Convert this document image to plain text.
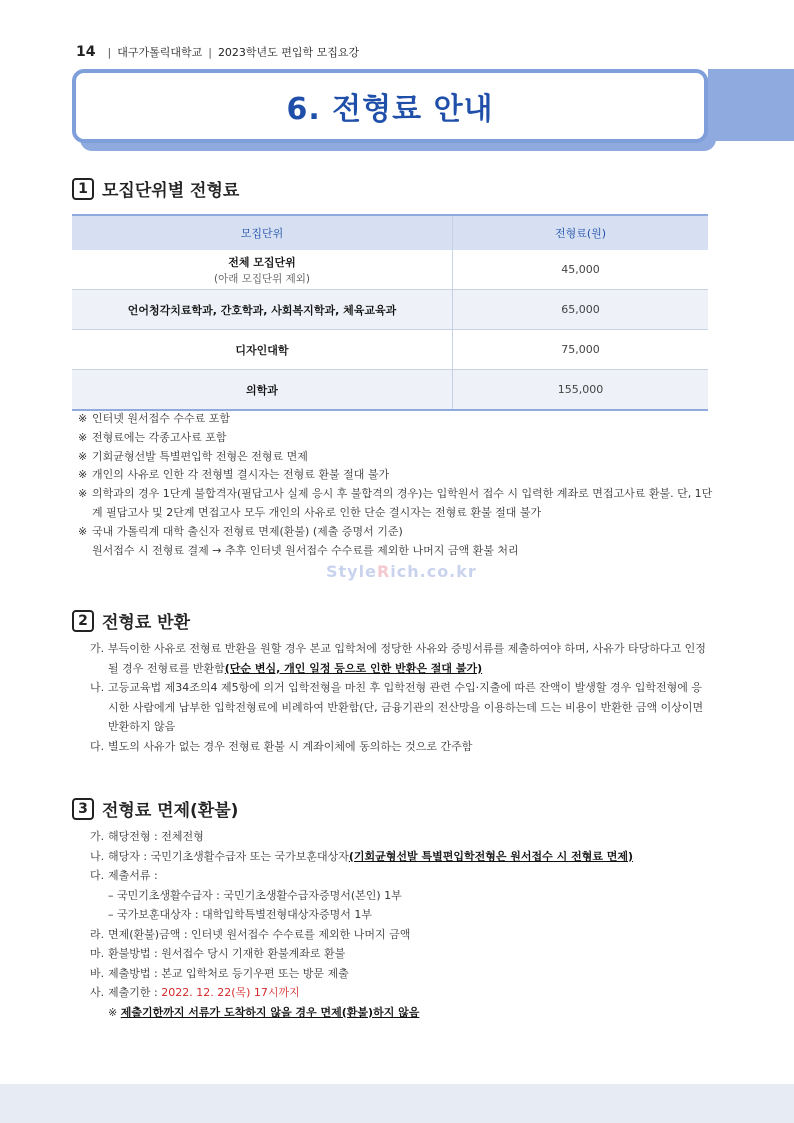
14 | 대구가톨릭대학교 | 2023학년도 편입학 모집요강
6. 전형료 안내
1 모집단위별 전형료
모집단위	전형료(원)
전체 모집단위
(아래 모집단위 제외)	45,000
언어청각치료학과, 간호학과, 사회복지학과, 체육교육과	65,000
디자인대학	75,000
의학과	155,000
※ 인터넷 원서접수 수수료 포함
※ 전형료에는 각종고사료 포함
※ 기회균형선발 특별편입학 전형은 전형료 면제
※ 개인의 사유로 인한 각 전형별 결시자는 전형료 환불 절대 불가
※ 의학과의 경우 1단계 불합격자(필답고사 실제 응시 후 불합격의 경우)는 입학원서 접수 시 입력한 계좌로 면접고사료 환불. 단, 1단계 필답고사 및 2단계 면접고사 모두 개인의 사유로 인한 단순 결시자는 전형료 환불 절대 불가
※ 국내 가톨릭계 대학 출신자 전형료 면제(환불) (제출 증명서 기준)
원서접수 시 전형료 결제 → 추후 인터넷 원서접수 수수료를 제외한 나머지 금액 환불 처리
StyleRich.co.kr
2 전형료 반환
가. 부득이한 사유로 전형료 반환을 원할 경우 본교 입학처에 정당한 사유와 증빙서류를 제출하여야 하며, 사유가 타당하다고 인정될 경우 전형료를 반환함(단순 변심, 개인 일정 등으로 인한 반환은 절대 불가)
나. 고등교육법 제34조의4 제5항에 의거 입학전형을 마친 후 입학전형 관련 수입·지출에 따른 잔액이 발생할 경우 입학전형에 응시한 사람에게 납부한 입학전형료에 비례하여 반환함(단, 금융기관의 전산망을 이용하는데 드는 비용이 반환한 금액 이상이면 반환하지 않음
다. 별도의 사유가 없는 경우 전형료 환불 시 계좌이체에 동의하는 것으로 간주함
3 전형료 면제(환불)
가. 해당전형 : 전체전형
나. 해당자 : 국민기초생활수급자 또는 국가보훈대상자(기회균형선발 특별편입학전형은 원서접수 시 전형료 면제)
다. 제출서류 :
– 국민기초생활수급자 : 국민기초생활수급자증명서(본인) 1부
– 국가보훈대상자 : 대학입학특별전형대상자증명서 1부
라. 면제(환불)금액 : 인터넷 원서접수 수수료를 제외한 나머지 금액
마. 환불방법 : 원서접수 당시 기재한 환불계좌로 환불
바. 제출방법 : 본교 입학처로 등기우편 또는 방문 제출
사. 제출기한 : 2022. 12. 22(목) 17시까지
※ 제출기한까지 서류가 도착하지 않을 경우 면제(환불)하지 않음
